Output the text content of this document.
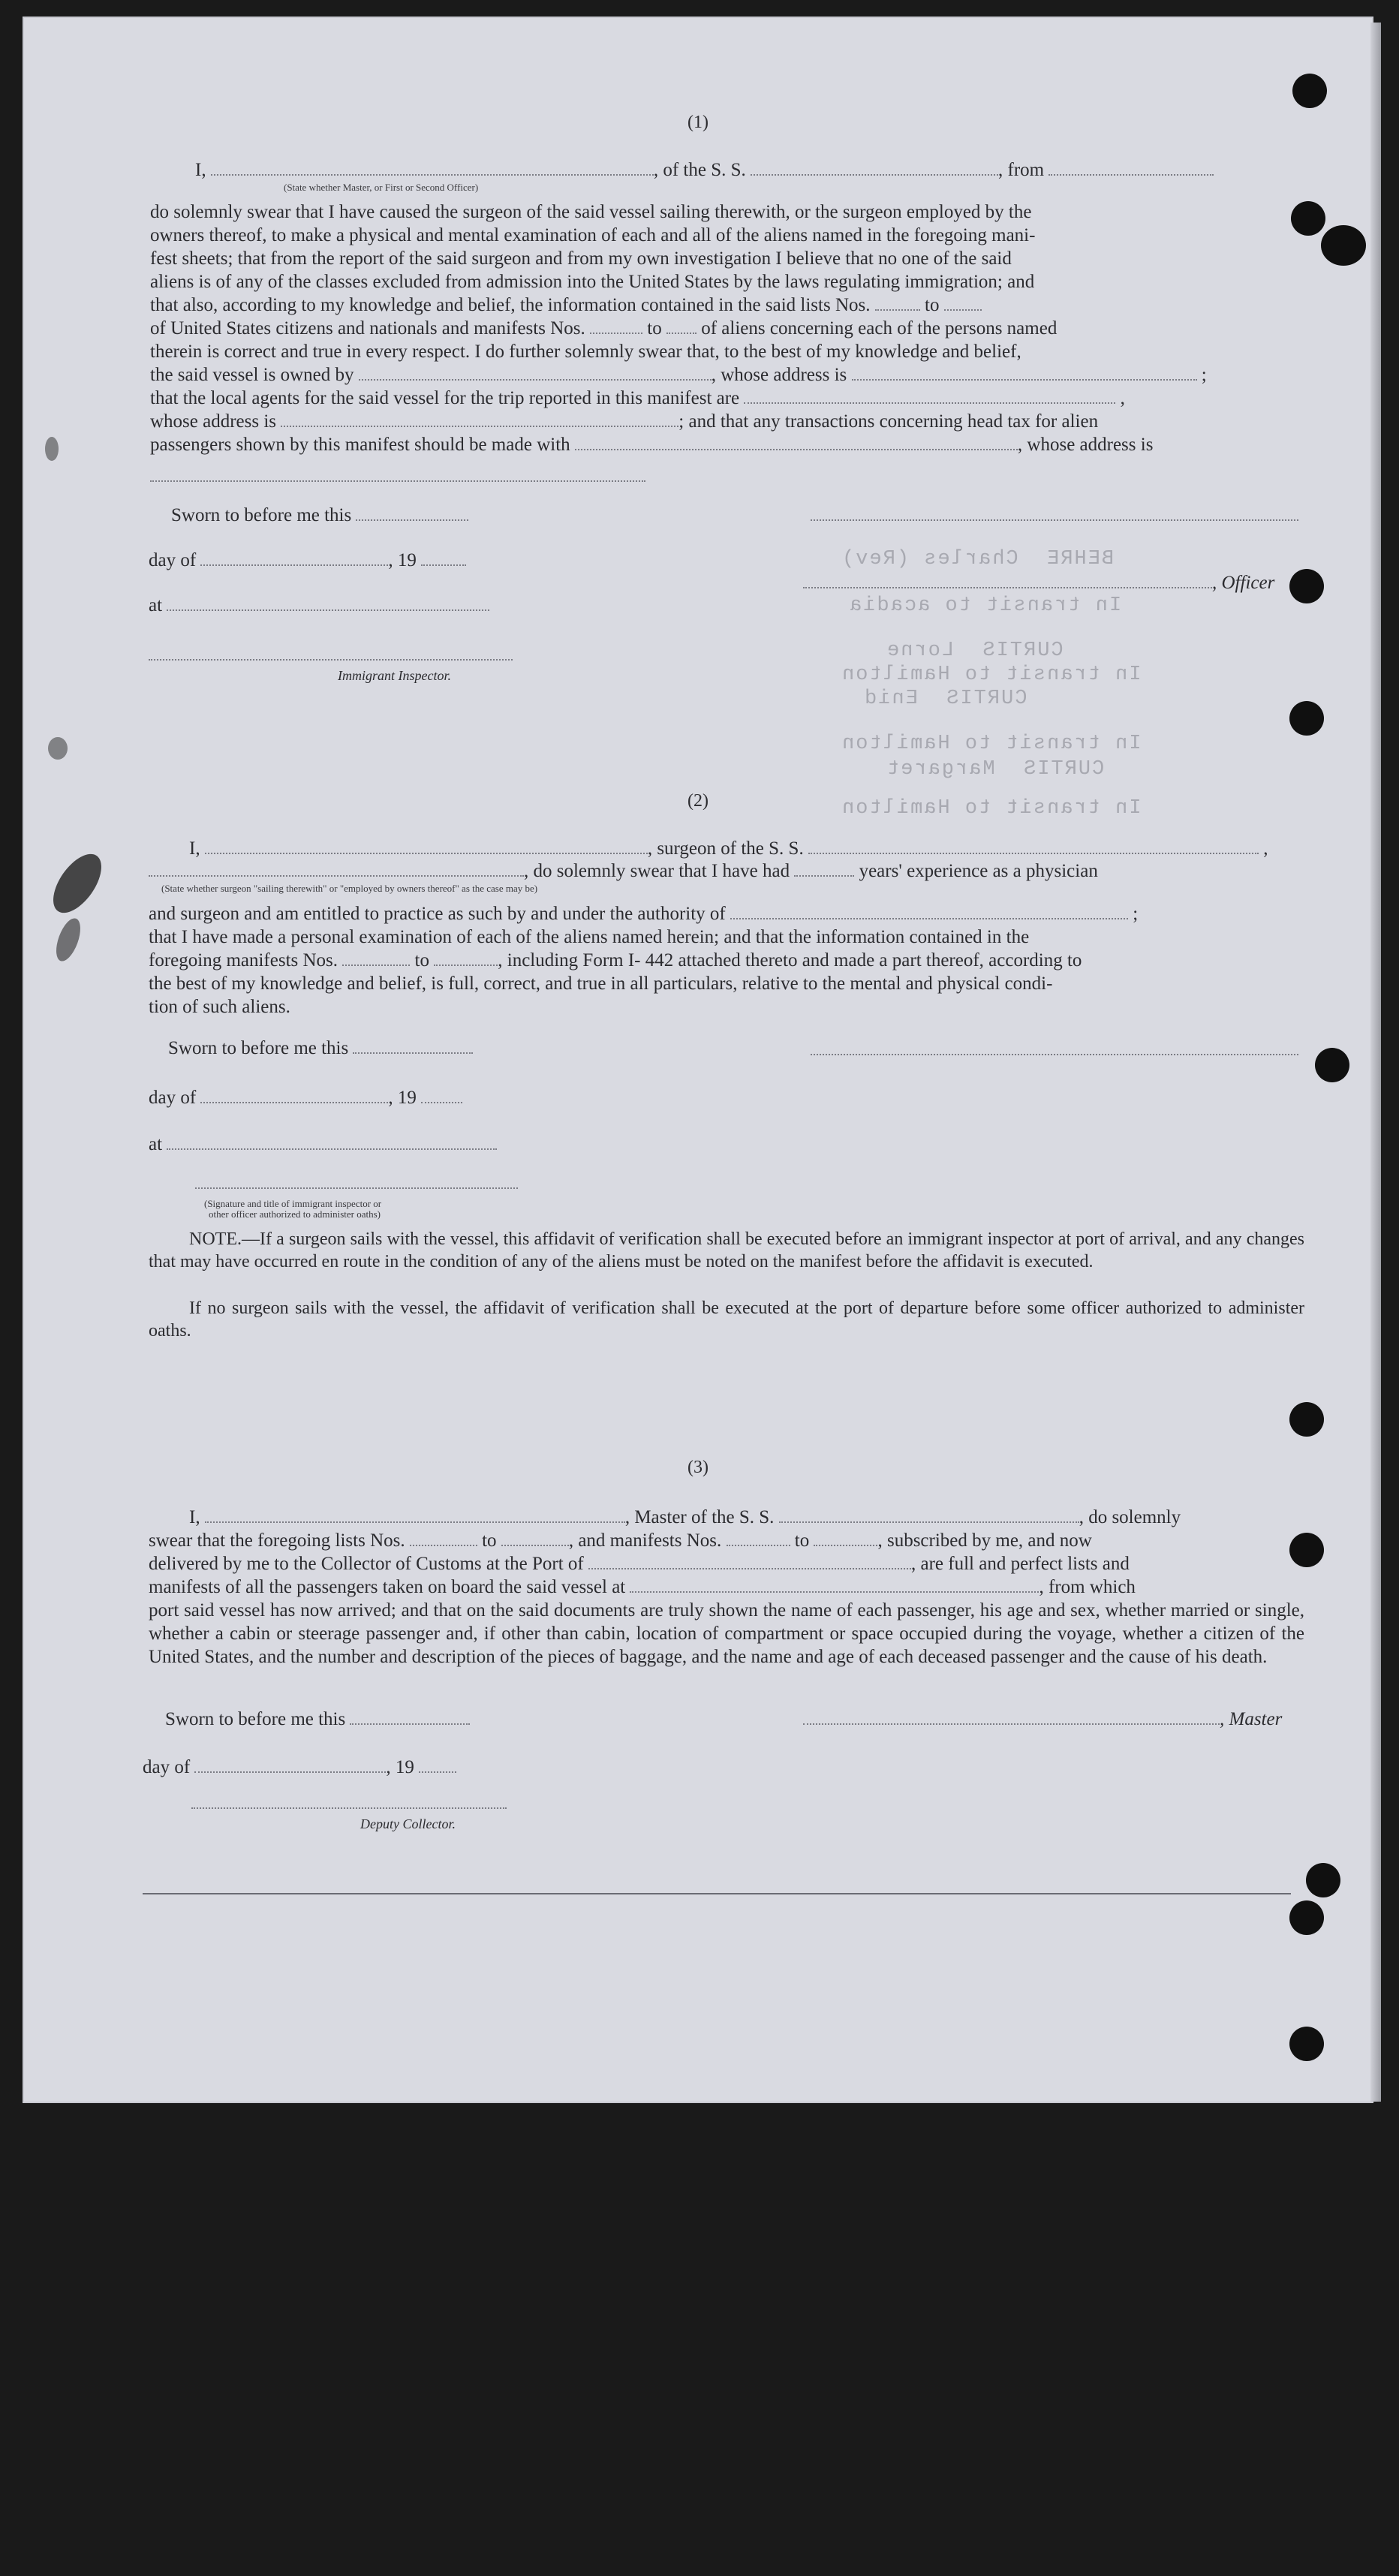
BEHRE  Charles (Rev)
In transit to acadia
CURTIS  Lorne
In transit to Hamilton
CURTIS  Enid
In transit to Hamilton
CURTIS  Margaret
In transit to Hamilton
(1)
I,	, of the S. S.	, from
(State whether Master, or First or Second Officer)

do solemnly swear that I have caused the surgeon of the said vessel sailing therewith, or the surgeon employed by the

owners thereof, to make a physical and mental examination of each and all of the aliens named in the foregoing mani-

fest sheets; that from the report of the said surgeon and from my own investigation I believe that no one of the said

aliens is of any of the classes excluded from admission into the United States by the laws regulating immigration; and

that also, according to my knowledge and belief, the information contained in the said lists Nos.	to

of United States citizens and nationals and manifests Nos.	to of aliens concerning each of the persons named

therein is correct and true in every respect. I do further solemnly swear that, to the best of my knowledge and belief,

the said vessel is owned by	, whose address is	;

that the local agents for the said vessel for the trip reported in this manifest are	,

whose address is	; and that any transactions concerning head tax for alien

passengers shown by this manifest should be made with	, whose address is

Sworn to before me this
day of	, 19
, Officer
at
Immigrant Inspector.
(2)
I,	, surgeon of the S. S.	,
, do solemnly swear that I have had	years' experience as a physician
(State whether surgeon "sailing therewith" or "employed by owners thereof" as the case may be)

and surgeon and am entitled to practice as such by and under the authority of	;

that I have made a personal examination of each of the aliens named herein; and that the information contained in the

foregoing manifests Nos.	to	, including Form I- 442 attached thereto and made a part thereof, according to

the best of my knowledge and belief, is full, correct, and true in all particulars, relative to the mental and physical condi-

tion of such aliens.

Sworn to before me this
day of	, 19
at
(Signature and title of immigrant inspector or
other officer authorized to administer oaths)
NOTE.—If a surgeon sails with the vessel, this affidavit of verification shall be executed before an immigrant inspector at port of arrival, and any changes that may have occurred en route in the condition of any of the aliens must be noted on the manifest before the affidavit is executed.
If no surgeon sails with the vessel, the affidavit of verification shall be executed at the port of departure before some officer authorized to administer oaths.
(3)

I,	, Master of the S. S.	, do solemnly

swear that the foregoing lists Nos.	to	, and manifests Nos.	to	, subscribed by me, and now

delivered by me to the Collector of Customs at the Port of	, are full and perfect lists and

manifests of all the passengers taken on board the said vessel at	, from which

port said vessel has now arrived; and that on the said documents are truly shown the name of each passenger, his age and sex, whether married or single, whether a cabin or steerage passenger and, if other than cabin, location of compartment or space occupied during the voyage, whether a citizen of the United States, and the number and description of the pieces of baggage, and the name and age of each deceased passenger and the cause of his death.

Sworn to before me this	, Master
day of	, 19
Deputy Collector.
